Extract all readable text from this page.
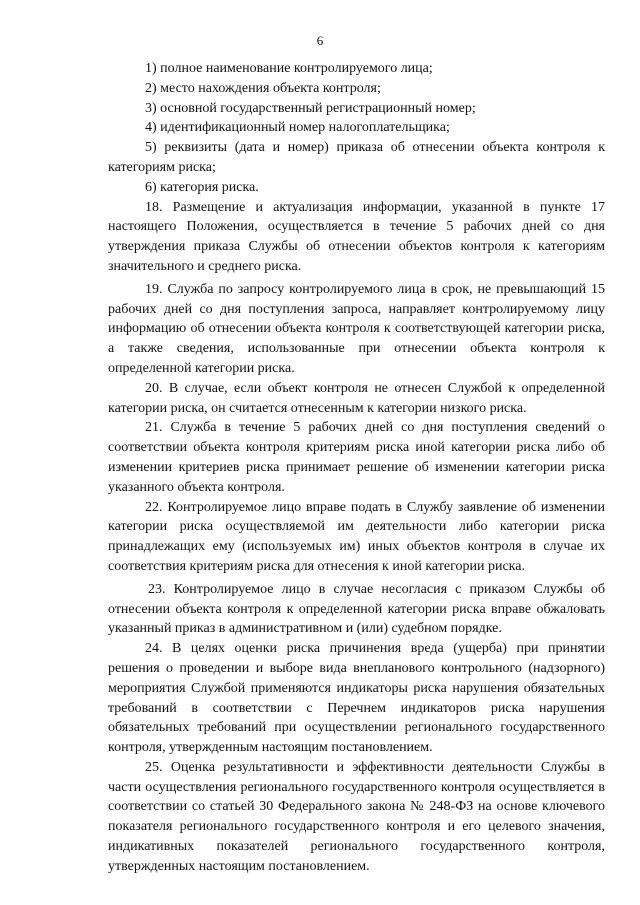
6

1) полное наименование контролируемого лица;

2) место нахождения объекта контроля;

3) основной государственный регистрационный номер;

4) идентификационный номер налогоплательщика;

5) реквизиты (дата и номер) приказа об отнесении объекта контроля к категориям риска;

6) категория риска.

18. Размещение и актуализация информации, указанной в пункте 17 настоящего Положения, осуществляется в течение 5 рабочих дней со дня утверждения приказа Службы об отнесении объектов контроля к категориям значительного и среднего риска.

19. Служба по запросу контролируемого лица в срок, не превышающий 15 рабочих дней со дня поступления запроса, направляет контролируемому лицу информацию об отнесении объекта контроля к соответствующей категории риска, а также сведения, использованные при отнесении объекта контроля к определенной категории риска.

20. В случае, если объект контроля не отнесен Службой к определенной категории риска, он считается отнесенным к категории низкого риска.

21. Служба в течение 5 рабочих дней со дня поступления сведений о соответствии объекта контроля критериям риска иной категории риска либо об изменении критериев риска принимает решение об изменении категории риска указанного объекта контроля.

22. Контролируемое лицо вправе подать в Службу заявление об изменении категории риска осуществляемой им деятельности либо категории риска принадлежащих ему (используемых им) иных объектов контроля в случае их соответствия критериям риска для отнесения к иной категории риска.

23. Контролируемое лицо в случае несогласия с приказом Службы об отнесении объекта контроля к определенной категории риска вправе обжаловать указанный приказ в административном и (или) судебном порядке.

24. В целях оценки риска причинения вреда (ущерба) при принятии решения о проведении и выборе вида внепланового контрольного (надзорного) мероприятия Службой применяются индикаторы риска нарушения обязательных требований в соответствии с Перечнем индикаторов риска нарушения обязательных требований при осуществлении регионального государственного контроля, утвержденным настоящим постановлением.

25. Оценка результативности и эффективности деятельности Службы в части осуществления регионального государственного контроля осуществляется в соответствии со статьей 30 Федерального закона № 248-ФЗ на основе ключевого показателя регионального государственного контроля и его целевого значения, индикативных показателей регионального государственного контроля, утвержденных настоящим постановлением.
